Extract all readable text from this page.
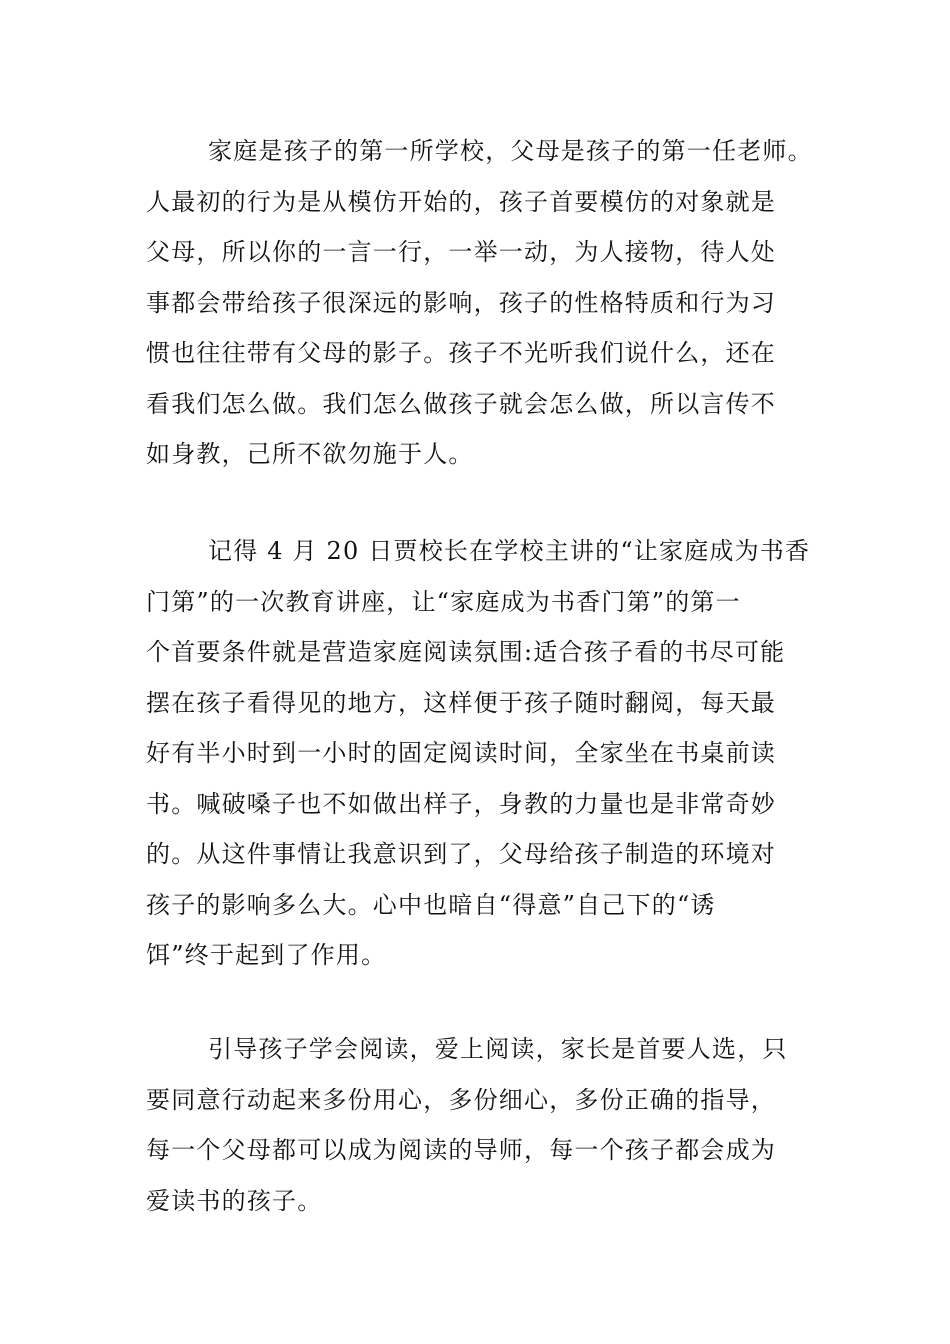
家庭是孩子的第一所学校，父母是孩子的第一任老师。
人最初的行为是从模仿开始的，孩子首要模仿的对象就是
父母，所以你的一言一行，一举一动，为人接物，待人处
事都会带给孩子很深远的影响，孩子的性格特质和行为习
惯也往往带有父母的影子。孩子不光听我们说什么，还在
看我们怎么做。我们怎么做孩子就会怎么做，所以言传不
如身教，己所不欲勿施于人。
记得 4 月 20 日贾校长在学校主讲的“让家庭成为书香
门第”的一次教育讲座，让“家庭成为书香门第”的第一
个首要条件就是营造家庭阅读氛围:适合孩子看的书尽可能
摆在孩子看得见的地方，这样便于孩子随时翻阅，每天最
好有半小时到一小时的固定阅读时间，全家坐在书桌前读
书。喊破嗓子也不如做出样子，身教的力量也是非常奇妙
的。从这件事情让我意识到了，父母给孩子制造的环境对
孩子的影响多么大。心中也暗自“得意”自己下的“诱
饵”终于起到了作用。
引导孩子学会阅读，爱上阅读，家长是首要人选，只
要同意行动起来多份用心，多份细心，多份正确的指导，
每一个父母都可以成为阅读的导师，每一个孩子都会成为
爱读书的孩子。
